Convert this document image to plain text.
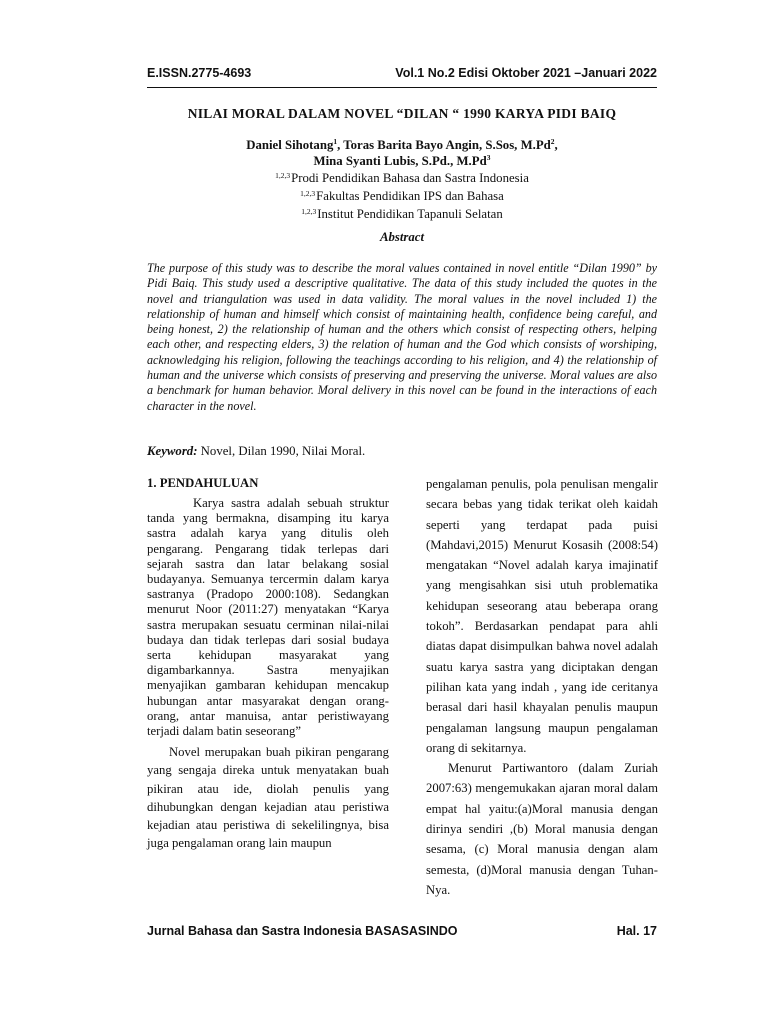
E.ISSN.2775-4693	Vol.1 No.2 Edisi Oktober 2021 –Januari 2022
NILAI MORAL DALAM NOVEL “DILAN “ 1990 KARYA PIDI BAIQ
Daniel Sihotang$^1$, Toras Barita Bayo Angin, S.Sos, M.Pd$^2$,
Mina Syanti Lubis, S.Pd., M.Pd$^3$
$^{1,2,3}$Prodi Pendidikan Bahasa dan Sastra Indonesia
$^{1,2,3}$Fakultas Pendidikan IPS dan Bahasa
$^{1,2,3}$Institut Pendidikan Tapanuli Selatan
Abstract

The purpose of this study was to describe the moral values contained in novel entitle “Dilan 1990” by Pidi Baiq. This study used a descriptive qualitative. The data of this study included the quotes in the novel and triangulation was used in data validity. The moral values in the novel included 1) the relationship of human and himself which consist of maintaining health, confidence being careful, and being honest, 2) the relationship of human and the others which consist of respecting others, helping each other, and respecting elders, 3) the relation of human and the God which consists of worshiping, acknowledging his religion, following the teachings according to his religion, and 4) the relationship of human and the universe which consists of preserving and preserving the universe. Moral values are also a benchmark for human behavior. Moral delivery in this novel can be found in the interactions of each character in the novel.

Keyword: Novel, Dilan 1990, Nilai Moral.

1. PENDAHULUAN

Karya sastra adalah sebuah struktur tanda yang bermakna, disamping itu karya sastra adalah karya yang ditulis oleh pengarang. Pengarang tidak terlepas dari sejarah sastra dan latar belakang sosial budayanya. Semuanya tercermin dalam karya sastranya (Pradopo 2000:108). Sedangkan menurut Noor (2011:27) menyatakan “Karya sastra merupakan sesuatu cerminan nilai-nilai budaya dan tidak terlepas dari sosial budaya serta kehidupan masyarakat yang digambarkannya. Sastra menyajikan menyajikan gambaran kehidupan mencakup hubungan antar masyarakat dengan orang-orang, antar manuisa, antar peristiwayang terjadi dalam batin seseorang”

Novel merupakan buah pikiran pengarang yang sengaja direka untuk menyatakan buah pikiran atau ide, diolah penulis yang dihubungkan dengan kejadian atau peristiwa kejadian atau peristiwa di sekelilingnya, bisa juga pengalaman orang lain maupun

pengalaman penulis, pola penulisan mengalir secara bebas yang tidak terikat oleh kaidah seperti yang terdapat pada puisi (Mahdavi,2015) Menurut Kosasih (2008:54) mengatakan “Novel adalah karya imajinatif yang mengisahkan sisi utuh problematika kehidupan seseorang atau beberapa orang tokoh”. Berdasarkan pendapat para ahli diatas dapat disimpulkan bahwa novel adalah suatu karya sastra yang diciptakan dengan pilihan kata yang indah , yang ide ceritanya berasal dari hasil khayalan penulis maupun pengalaman langsung maupun pengalaman orang di sekitarnya.

Menurut Partiwantoro (dalam Zuriah 2007:63) mengemukakan ajaran moral dalam empat hal yaitu:(a)Moral manusia dengan dirinya sendiri ,(b) Moral manusia dengan sesama, (c) Moral manusia dengan alam semesta, (d)Moral manusia dengan Tuhan-Nya.

Jurnal Bahasa dan Sastra Indonesia BASASASINDO	Hal. 17
